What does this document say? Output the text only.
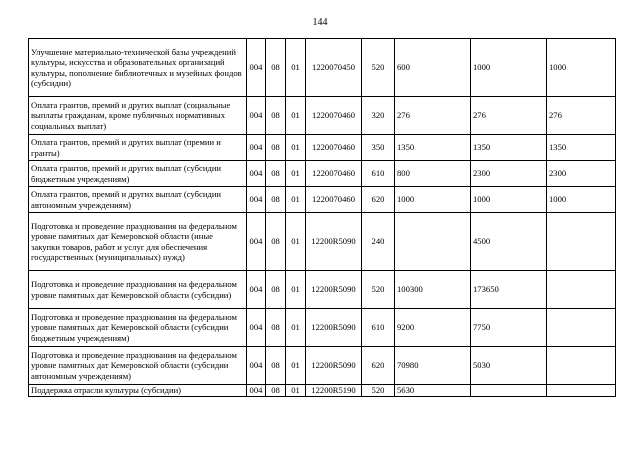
144
Улучшение материально-технической базы учреждений культуры, искусства и образовательных организаций культуры, пополнение библиотечных и музейных фондов (субсидии)	004	08	01	1220070450	520	600	1000	1000
Оплата грантов, премий и других выплат (социальные выплаты гражданам, кроме публичных нормативных социальных выплат)	004	08	01	1220070460	320	276	276	276
Оплата грантов, премий и других выплат (премии и гранты)	004	08	01	1220070460	350	1350	1350	1350
Оплата грантов, премий и других выплат (субсидии бюджетным учреждениям)	004	08	01	1220070460	610	800	2300	2300
Оплата грантов, премий и других выплат (субсидии автономным учреждениям)	004	08	01	1220070460	620	1000	1000	1000
Подготовка и проведение празднования на федеральном уровне памятных дат Кемеровской области (иные закупки товаров, работ и услуг для обеспечения государственных (муниципальных) нужд)	004	08	01	12200R5090	240		4500	
Подготовка и проведение празднования на федеральном уровне памятных дат Кемеровской области (субсидии)	004	08	01	12200R5090	520	100300	173650	
Подготовка и проведение празднования на федеральном уровне памятных дат Кемеровской области (субсидии бюджетным учреждениям)	004	08	01	12200R5090	610	9200	7750	
Подготовка и проведение празднования на федеральном уровне памятных дат Кемеровской области (субсидии автономным учреждениям)	004	08	01	12200R5090	620	70980	5030	
Поддержка отрасли культуры (субсидии)	004	08	01	12200R5190	520	5630		
